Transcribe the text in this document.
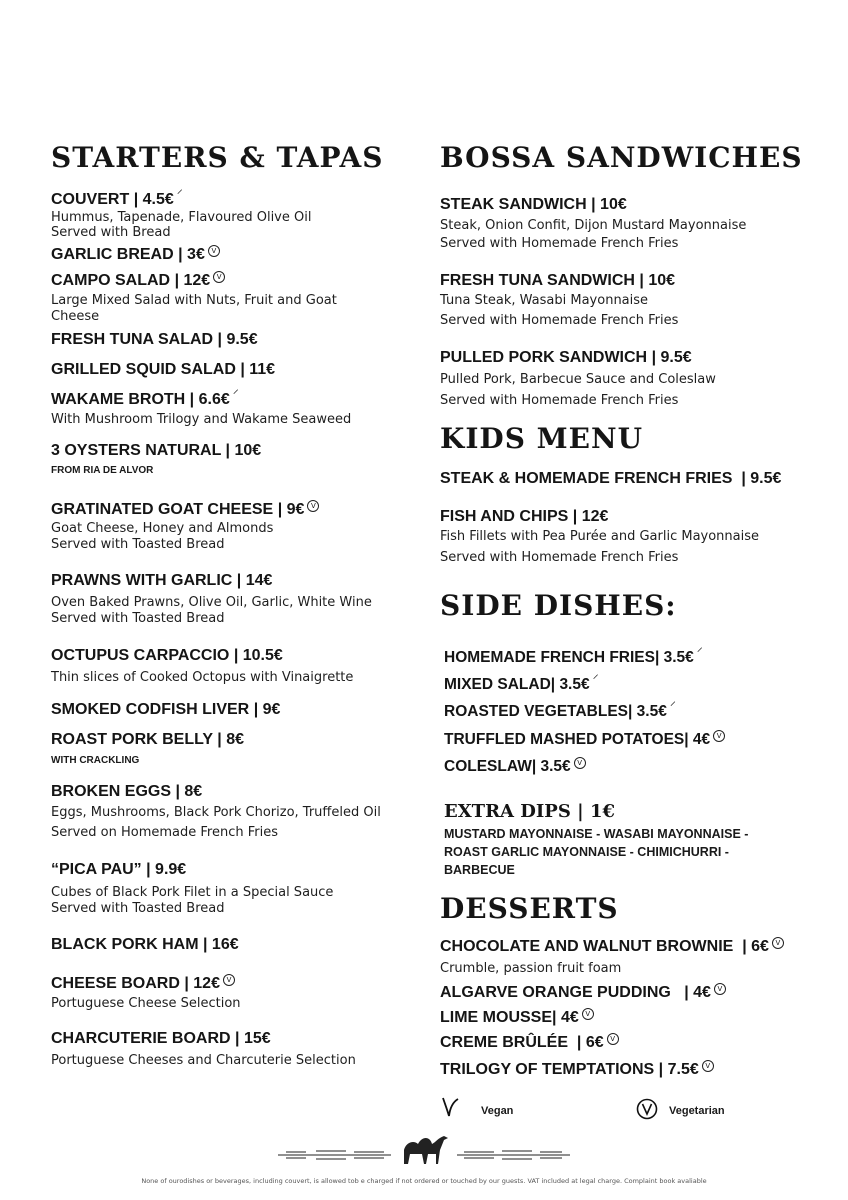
STARTERS & TAPAS
COUVERT | 4.5€ ⸍
Hummus, Tapenade, Flavoured Olive Oil
Served with Bread
GARLIC BREAD | 3€ V
CAMPO SALAD | 12€ V
Large Mixed Salad with Nuts, Fruit and Goat
Cheese
FRESH TUNA SALAD | 9.5€
GRILLED SQUID SALAD | 11€
WAKAME BROTH | 6.6€ ⸍
With Mushroom Trilogy and Wakame Seaweed
3 OYSTERS NATURAL | 10€
FROM RIA DE ALVOR
GRATINATED GOAT CHEESE | 9€ V
Goat Cheese, Honey and Almonds
Served with Toasted Bread
PRAWNS WITH GARLIC | 14€
Oven Baked Prawns, Olive Oil, Garlic, White Wine
Served with Toasted Bread
OCTUPUS CARPACCIO | 10.5€
Thin slices of Cooked Octopus with Vinaigrette
SMOKED CODFISH LIVER | 9€
ROAST PORK BELLY | 8€
WITH CRACKLING
BROKEN EGGS | 8€
Eggs, Mushrooms, Black Pork Chorizo, Truffeled Oil
Served on Homemade French Fries
“PICA PAU” | 9.9€
Cubes of Black Pork Filet in a Special Sauce
Served with Toasted Bread
BLACK PORK HAM | 16€
CHEESE BOARD | 12€ V
Portuguese Cheese Selection
CHARCUTERIE BOARD | 15€
Portuguese Cheeses and Charcuterie Selection
BOSSA SANDWICHES
STEAK SANDWICH | 10€
Steak, Onion Confit, Dijon Mustard Mayonnaise
Served with Homemade French Fries
FRESH TUNA SANDWICH | 10€
Tuna Steak, Wasabi Mayonnaise
Served with Homemade French Fries
PULLED PORK SANDWICH | 9.5€
Pulled Pork, Barbecue Sauce and Coleslaw
Served with Homemade French Fries
KIDS MENU
STEAK & HOMEMADE FRENCH FRIES | 9.5€
FISH AND CHIPS | 12€
Fish Fillets with Pea Purée and Garlic Mayonnaise
Served with Homemade French Fries
SIDE DISHES:
HOMEMADE FRENCH FRIES| 3.5€ ⸍
MIXED SALAD| 3.5€ ⸍
ROASTED VEGETABLES| 3.5€ ⸍
TRUFFLED MASHED POTATOES| 4€ V
COLESLAW| 3.5€ V
EXTRA DIPS | 1€
MUSTARD MAYONNAISE - WASABI MAYONNAISE -
ROAST GARLIC MAYONNAISE - CHIMICHURRI -
BARBECUE
DESSERTS
CHOCOLATE AND WALNUT BROWNIE | 6€ V
Crumble, passion fruit foam
ALGARVE ORANGE PUDDING | 4€ V
LIME MOUSSE| 4€ V
CREME BRÛLÉE | 6€ V
TRILOGY OF TEMPTATIONS | 7.5€ V
Vegan	Vegetarian
None of ourodishes or beverages, including couvert, is allowed tob e charged if not ordered or touched by our guests. VAT included at legal charge. Complaint book avaliable
